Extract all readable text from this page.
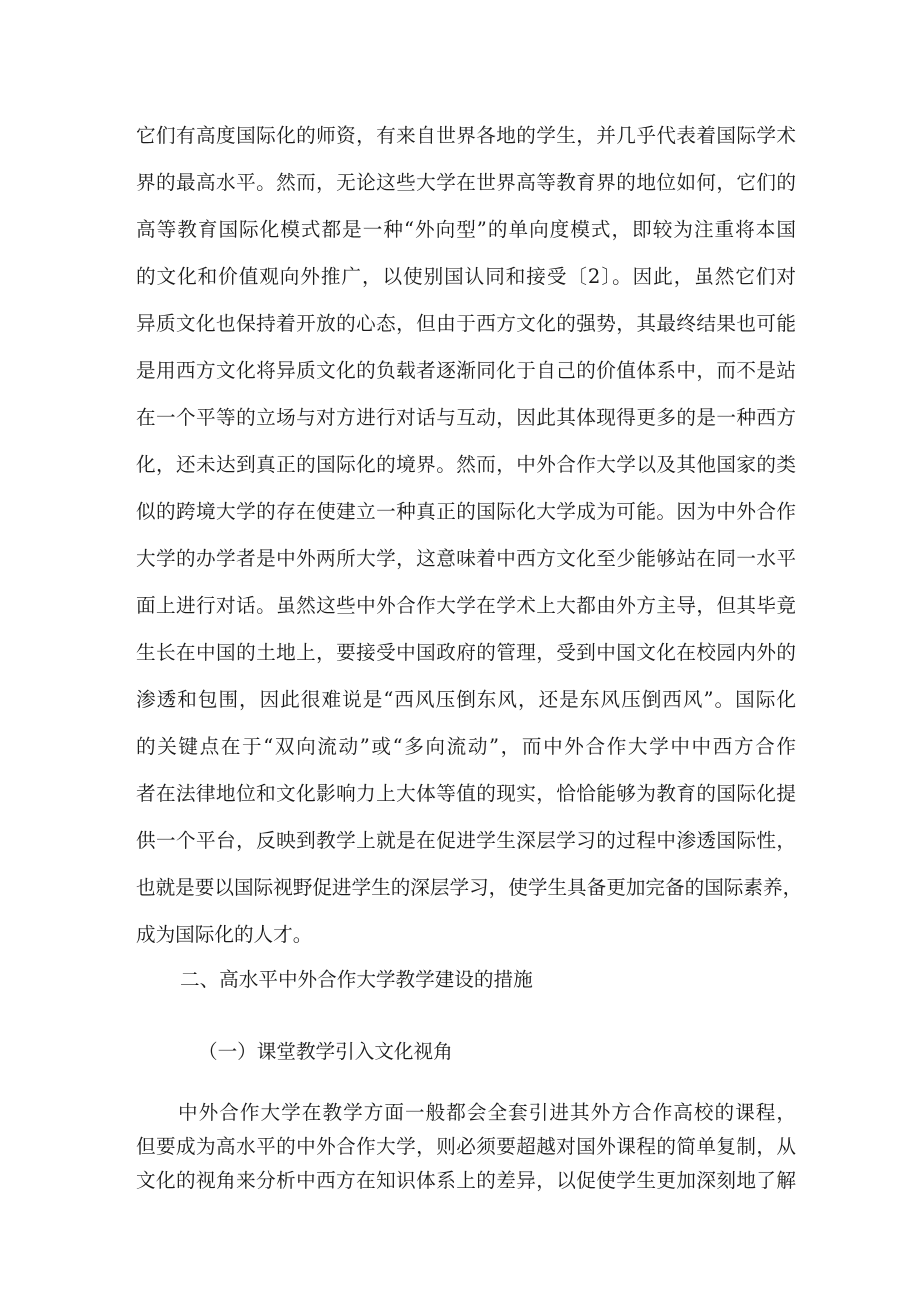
它们有高度国际化的师资，有来自世界各地的学生，并几乎代表着国际学术
界的最高水平。然而，无论这些大学在世界高等教育界的地位如何，它们的
高等教育国际化模式都是一种“外向型”的单向度模式，即较为注重将本国
的文化和价值观向外推广，以使别国认同和接受〔2〕。因此，虽然它们对
异质文化也保持着开放的心态，但由于西方文化的强势，其最终结果也可能
是用西方文化将异质文化的负载者逐渐同化于自己的价值体系中，而不是站
在一个平等的立场与对方进行对话与互动，因此其体现得更多的是一种西方
化，还未达到真正的国际化的境界。然而，中外合作大学以及其他国家的类
似的跨境大学的存在使建立一种真正的国际化大学成为可能。因为中外合作
大学的办学者是中外两所大学，这意味着中西方文化至少能够站在同一水平
面上进行对话。虽然这些中外合作大学在学术上大都由外方主导，但其毕竟
生长在中国的土地上，要接受中国政府的管理，受到中国文化在校园内外的
渗透和包围，因此很难说是“西风压倒东风，还是东风压倒西风”。国际化
的关键点在于“双向流动”或“多向流动”，而中外合作大学中中西方合作
者在法律地位和文化影响力上大体等值的现实，恰恰能够为教育的国际化提
供一个平台，反映到教学上就是在促进学生深层学习的过程中渗透国际性，
也就是要以国际视野促进学生的深层学习，使学生具备更加完备的国际素养，
成为国际化的人才。
二、高水平中外合作大学教学建设的措施
（一）课堂教学引入文化视角
中外合作大学在教学方面一般都会全套引进其外方合作高校的课程，
但要成为高水平的中外合作大学，则必须要超越对国外课程的简单复制，从
文化的视角来分析中西方在知识体系上的差异，以促使学生更加深刻地了解
